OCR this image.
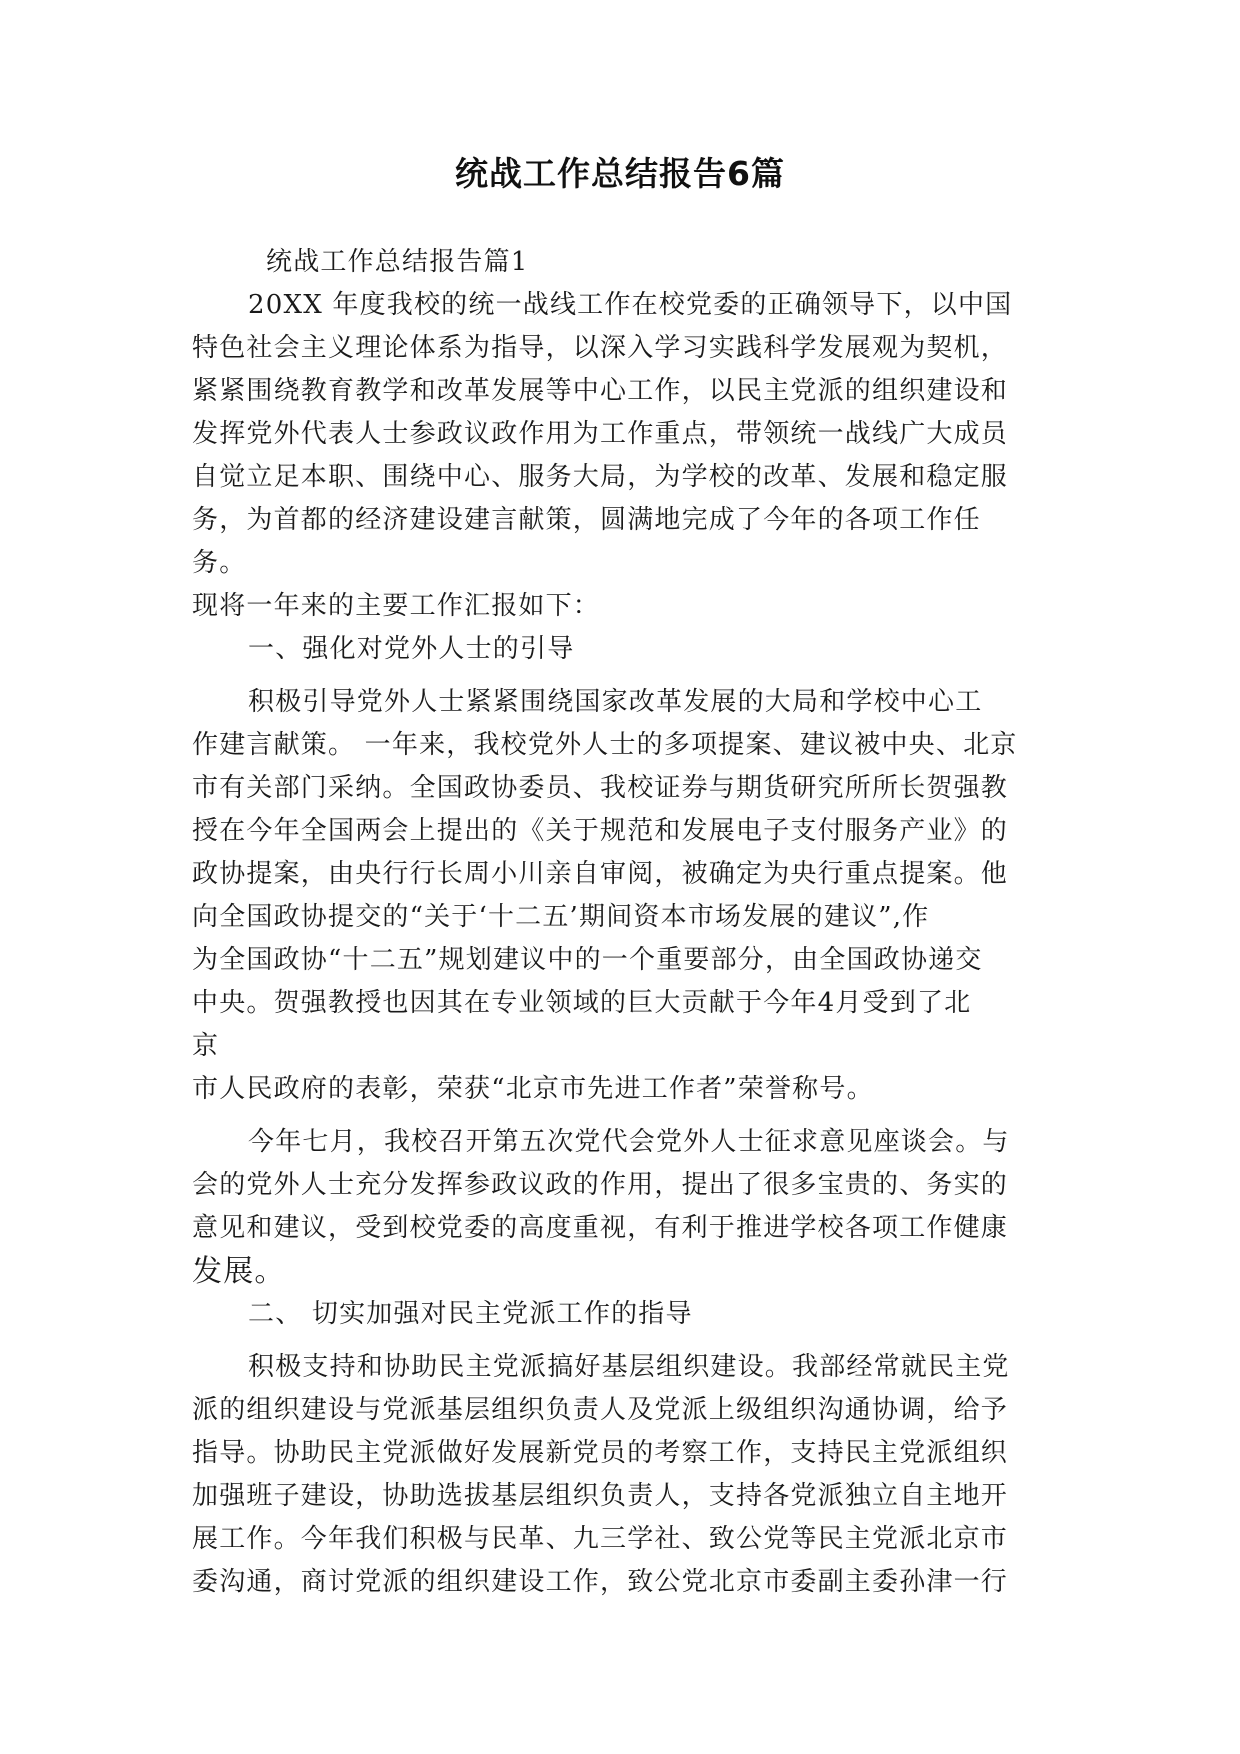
统战工作总结报告6篇
统战工作总结报告篇1
20XX 年度我校的统一战线工作在校党委的正确领导下，以中国
特色社会主义理论体系为指导，以深入学习实践科学发展观为契机，
紧紧围绕教育教学和改革发展等中心工作，以民主党派的组织建设和
发挥党外代表人士参政议政作用为工作重点，带领统一战线广大成员
自觉立足本职、围绕中心、服务大局，为学校的改革、发展和稳定服
务，为首都的经济建设建言献策，圆满地完成了今年的各项工作任
务。
现将一年来的主要工作汇报如下：
一、强化对党外人士的引导
积极引导党外人士紧紧围绕国家改革发展的大局和学校中心工
作建言献策。 一年来，我校党外人士的多项提案、建议被中央、北京
市有关部门采纳。全国政协委员、我校证券与期货研究所所长贺强教
授在今年全国两会上提出的《关于规范和发展电子支付服务产业》的
政协提案，由央行行长周小川亲自审阅，被确定为央行重点提案。他
向全国政协提交的“关于‘十二五’期间资本市场发展的建议”,作
为全国政协“十二五”规划建议中的一个重要部分，由全国政协递交
中央。贺强教授也因其在专业领域的巨大贡献于今年4月受到了北
京
市人民政府的表彰，荣获“北京市先进工作者”荣誉称号。
今年七月，我校召开第五次党代会党外人士征求意见座谈会。与
会的党外人士充分发挥参政议政的作用，提出了很多宝贵的、务实的
意见和建议，受到校党委的高度重视，有利于推进学校各项工作健康
发展。
二、 切实加强对民主党派工作的指导
积极支持和协助民主党派搞好基层组织建设。我部经常就民主党
派的组织建设与党派基层组织负责人及党派上级组织沟通协调，给予
指导。协助民主党派做好发展新党员的考察工作，支持民主党派组织
加强班子建设，协助选拔基层组织负责人，支持各党派独立自主地开
展工作。今年我们积极与民革、九三学社、致公党等民主党派北京市
委沟通，商讨党派的组织建设工作，致公党北京市委副主委孙津一行
